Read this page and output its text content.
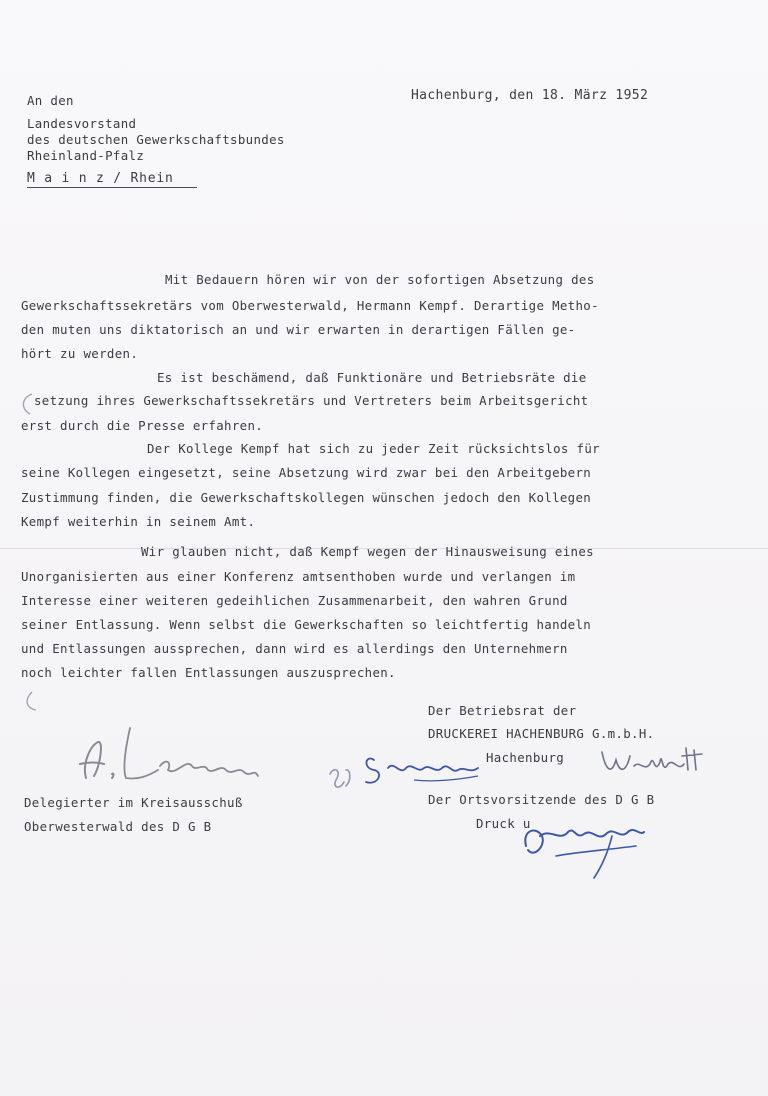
An den
Landesvorstand
des deutschen Gewerkschaftsbundes
Rheinland-Pfalz
M a i n z / Rhein
Hachenburg, den 18. März 1952
Mit Bedauern hören wir von der sofortigen Absetzung des
Gewerkschaftssekretärs vom Oberwesterwald, Hermann Kempf. Derartige Metho-
den muten uns diktatorisch an und wir erwarten in derartigen Fällen ge-
hört zu werden.
Es ist beschämend, daß Funktionäre und Betriebsräte die
setzung ihres Gewerkschaftssekretärs und Vertreters beim Arbeitsgericht
erst durch die Presse erfahren.
Der Kollege Kempf hat sich zu jeder Zeit rücksichtslos für
seine Kollegen eingesetzt, seine Absetzung wird zwar bei den Arbeitgebern
Zustimmung finden, die Gewerkschaftskollegen wünschen jedoch den Kollegen
Kempf weiterhin in seinem Amt.
Wir glauben nicht, daß Kempf wegen der Hinausweisung eines
Unorganisierten aus einer Konferenz amtsenthoben wurde und verlangen im
Interesse einer weiteren gedeihlichen Zusammenarbeit, den wahren Grund
seiner Entlassung. Wenn selbst die Gewerkschaften so leichtfertig handeln
und Entlassungen aussprechen, dann wird es allerdings den Unternehmern
noch leichter fallen Entlassungen auszusprechen.
Der Betriebsrat der
DRUCKEREI HACHENBURG G.m.b.H.
Hachenburg
Delegierter im Kreisausschuß
Oberwesterwald des D G B
Der Ortsvorsitzende des D G B
Druck u
